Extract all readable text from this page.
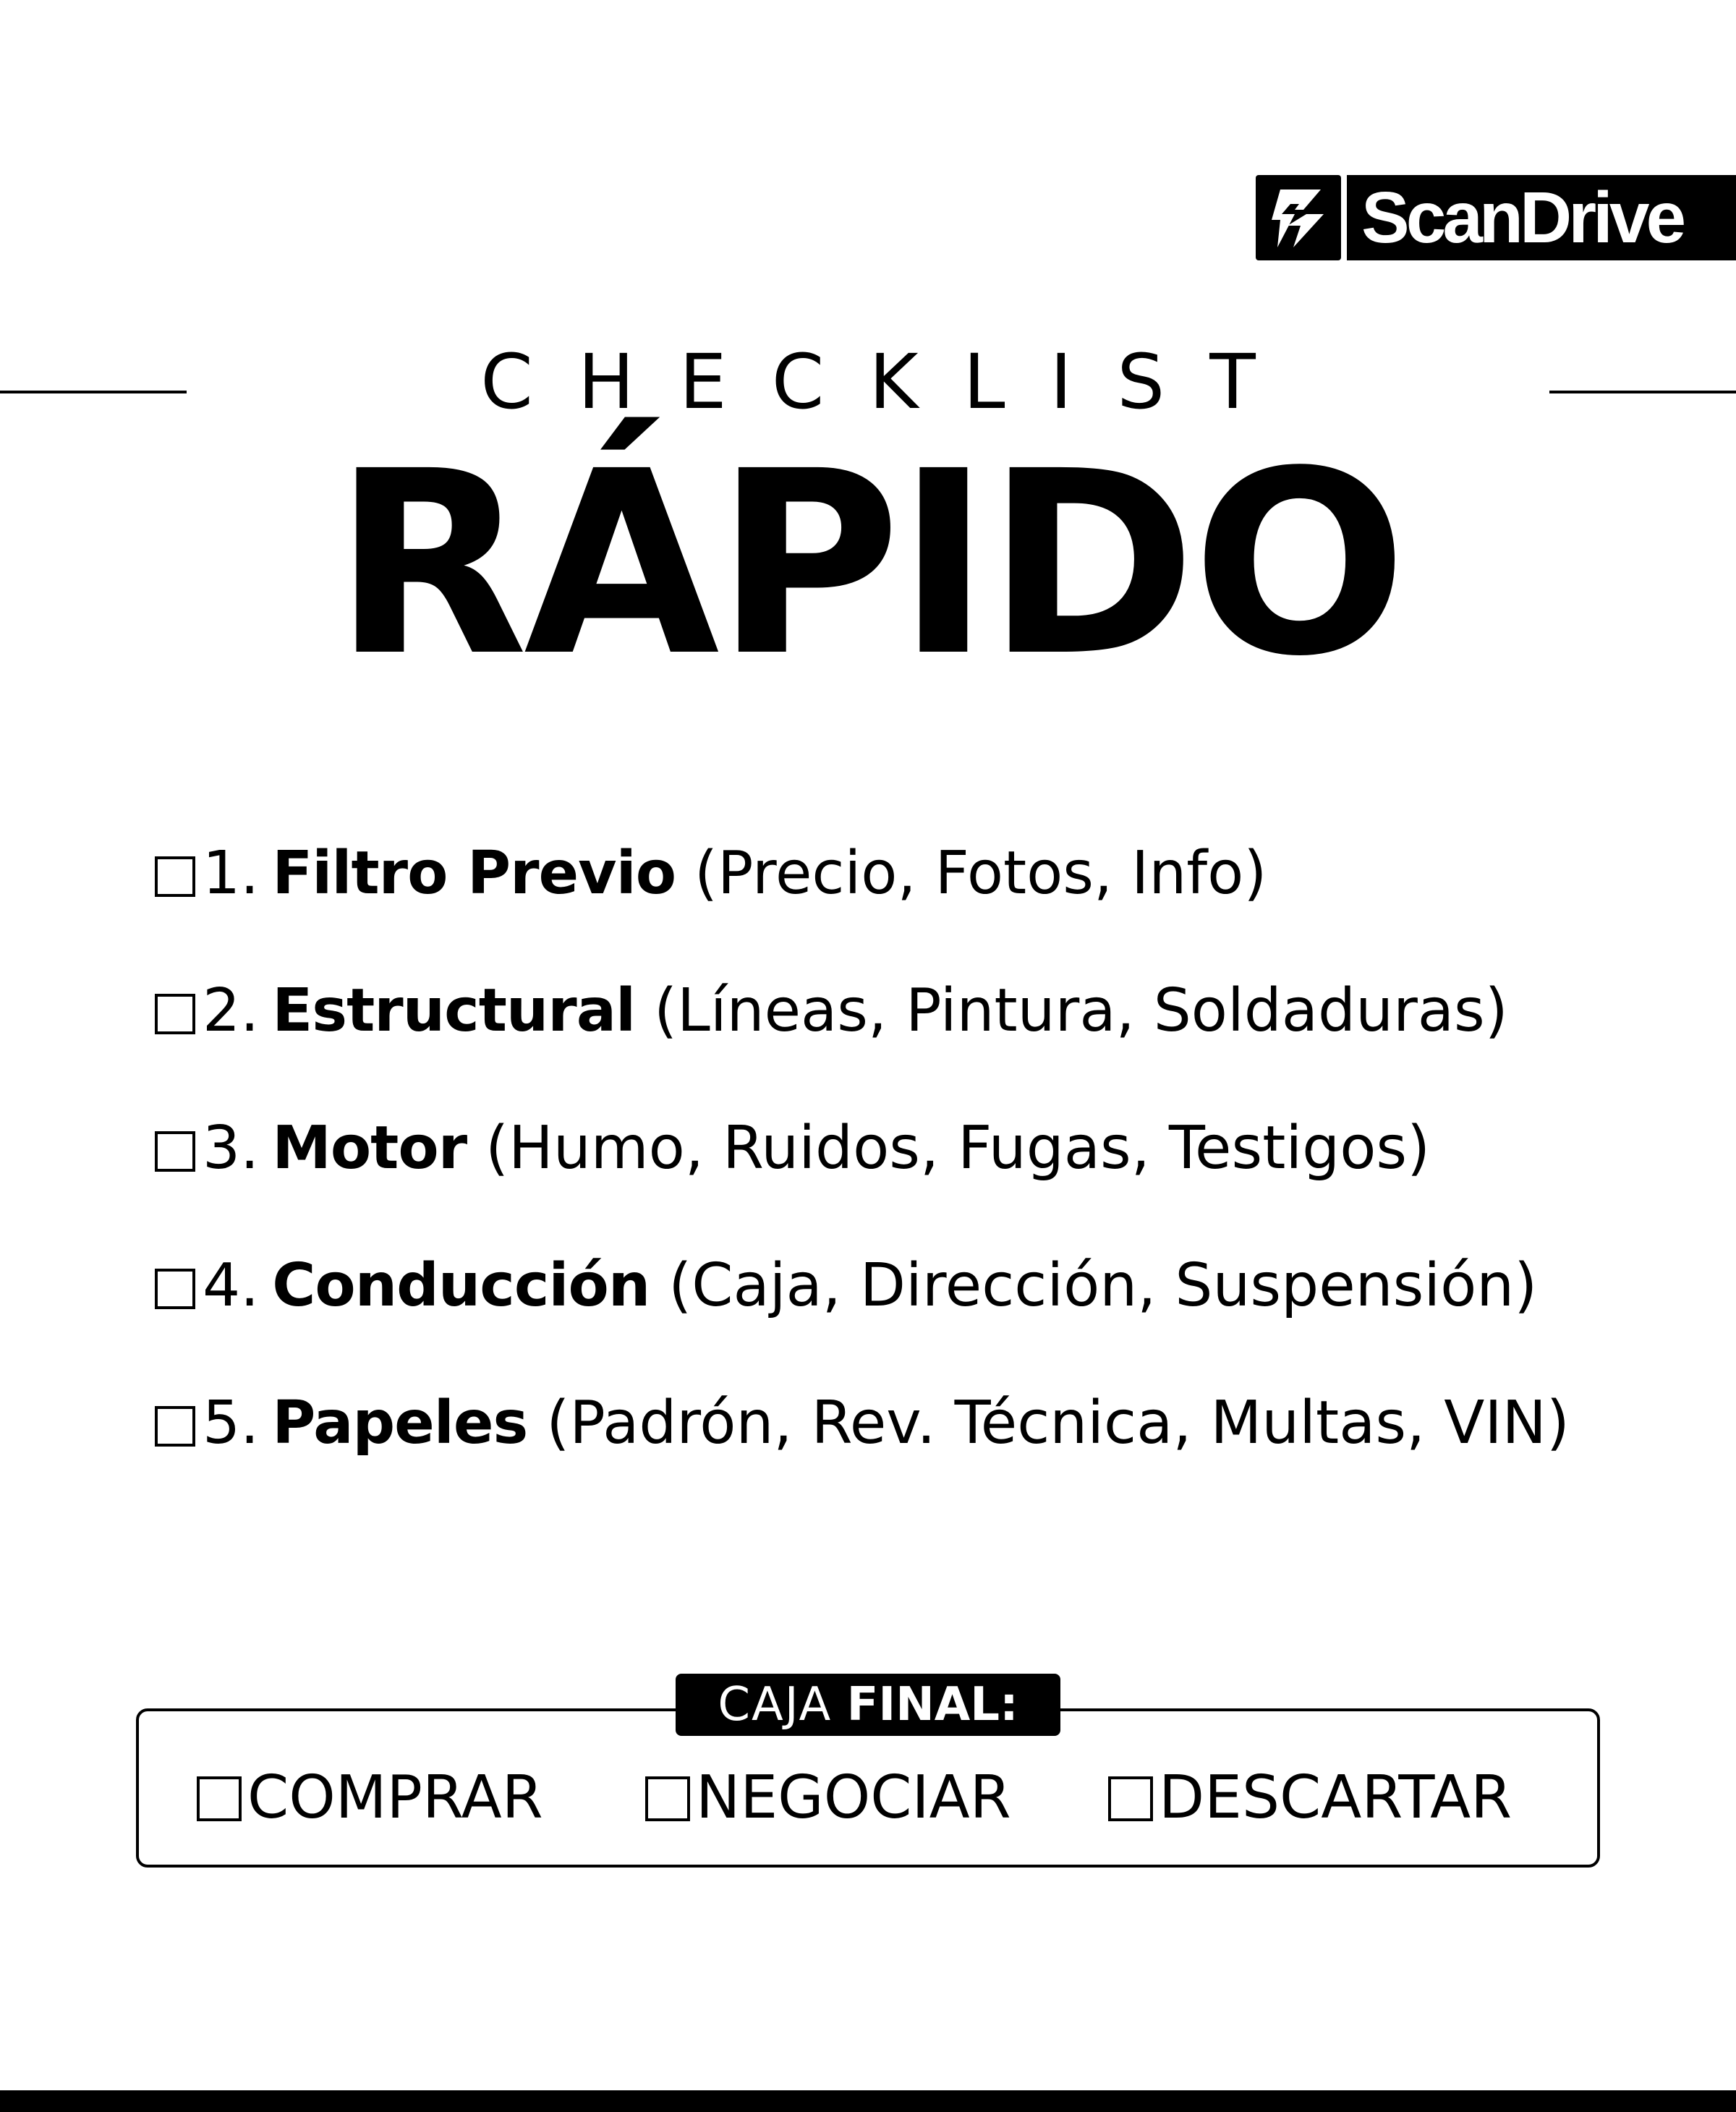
ScanDrive
CHECKLIST
RÁPIDO
1. Filtro Previo (Precio, Fotos, Info)
2. Estructural (Líneas, Pintura, Soldaduras)
3. Motor (Humo, Ruidos, Fugas, Testigos)
4. Conducción (Caja, Dirección, Suspensión)
5. Papeles (Padrón, Rev. Técnica, Multas, VIN)
CAJA FINAL:
COMPRAR	NEGOCIAR DESCARTAR
